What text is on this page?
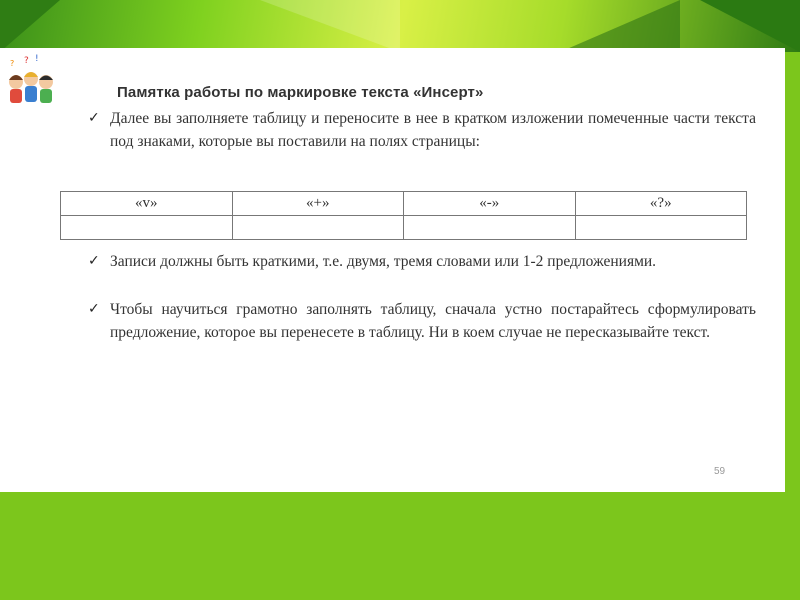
? !
?
Памятка работы по маркировке текста «Инсерт»
✓ Далее вы заполняете таблицу и переносите в нее в кратком изложении помеченные части текста под знаками, которые вы поставили на полях страницы:
«v»	«+»	«-»	«?»

✓ Записи должны быть краткими, т.е. двумя, тремя словами или 1-2 предложениями.
✓ Чтобы научиться грамотно заполнять таблицу, сначала устно постарайтесь сформулировать предложение, которое вы перенесете в таблицу. Ни в коем случае не пересказывайте текст.
59
